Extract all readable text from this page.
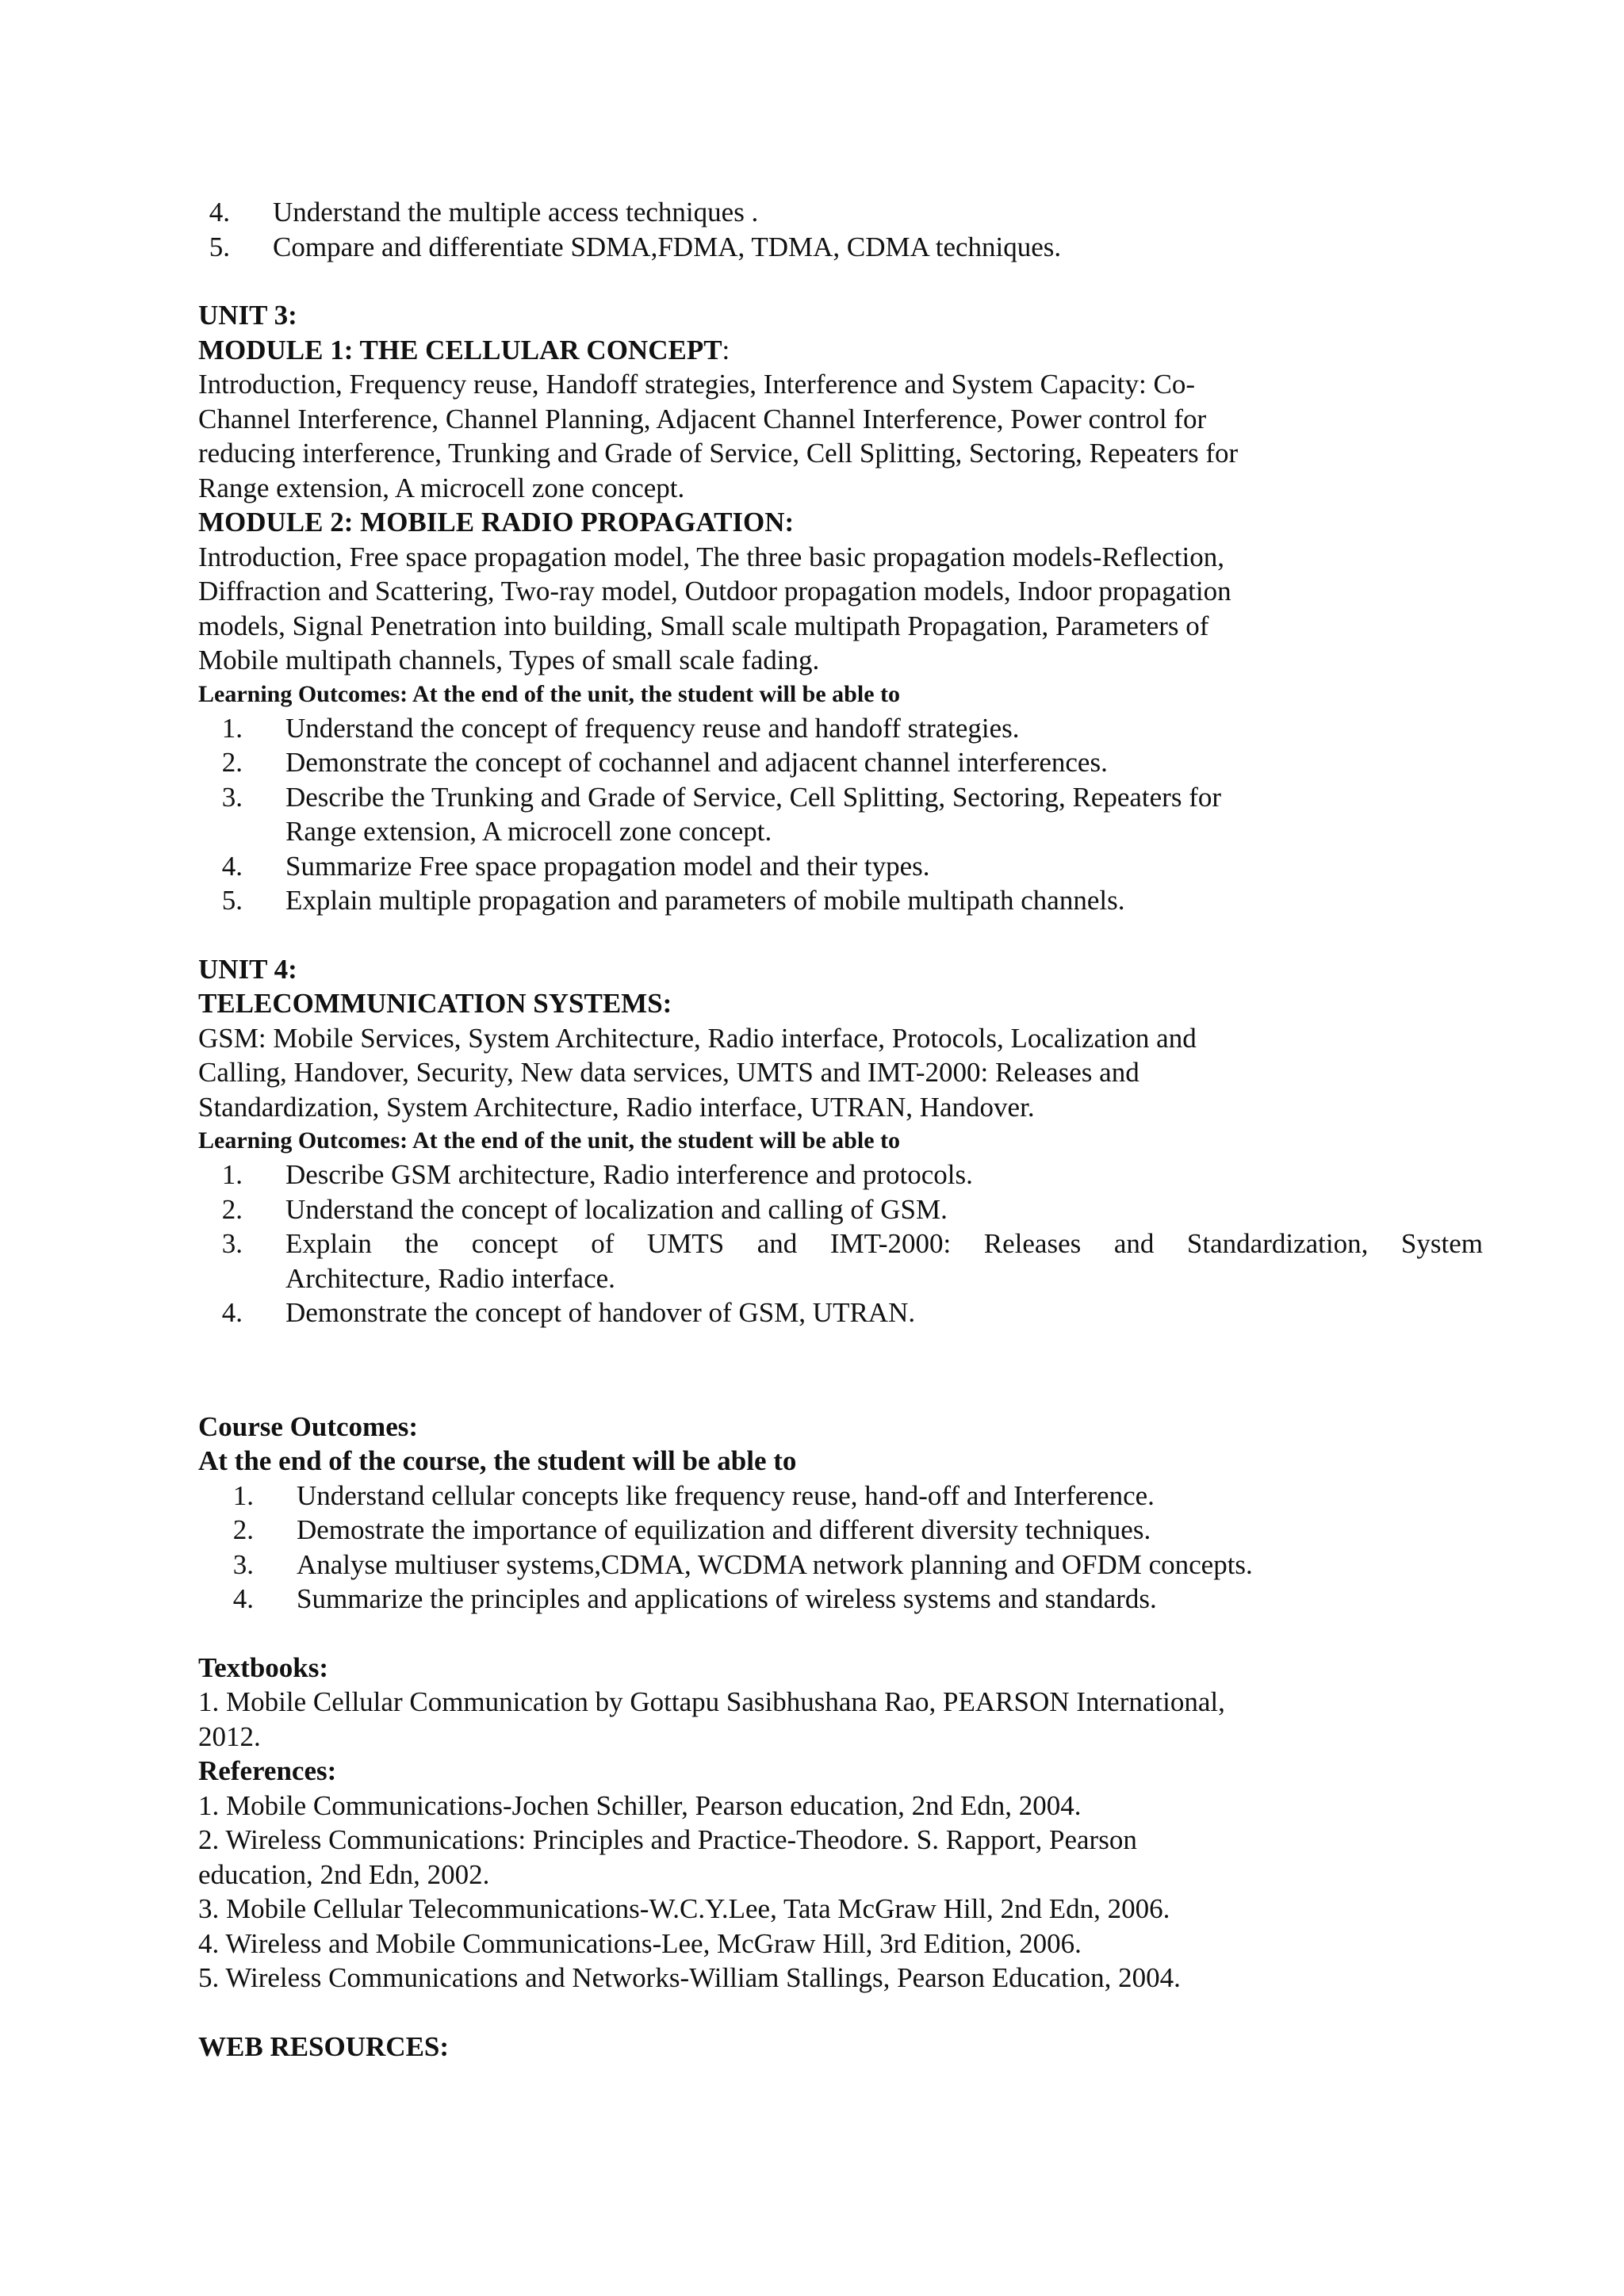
4. Understand the multiple access techniques .
5. Compare and differentiate SDMA,FDMA, TDMA, CDMA techniques.

UNIT 3:

MODULE 1: THE CELLULAR CONCEPT:

Introduction, Frequency reuse, Handoff strategies, Interference and System Capacity: Co-

Channel Interference, Channel Planning, Adjacent Channel Interference, Power control for

reducing interference, Trunking and Grade of Service, Cell Splitting, Sectoring, Repeaters for

Range extension, A microcell zone concept.

MODULE 2: MOBILE RADIO PROPAGATION:

Introduction, Free space propagation model, The three basic propagation models-Reflection,

Diffraction and Scattering, Two-ray model, Outdoor propagation models, Indoor propagation

models, Signal Penetration into building, Small scale multipath Propagation, Parameters of

Mobile multipath channels, Types of small scale fading.

Learning Outcomes: At the end of the unit, the student will be able to

1. Understand the concept of frequency reuse and handoff strategies.
2. Demonstrate the concept of cochannel and adjacent channel interferences.
3. Describe the Trunking and Grade of Service, Cell Splitting, Sectoring, Repeaters for
Range extension, A microcell zone concept.
4. Summarize Free space propagation model and their types.
5. Explain multiple propagation and parameters of mobile multipath channels.

UNIT 4:

TELECOMMUNICATION SYSTEMS:

GSM: Mobile Services, System Architecture, Radio interface, Protocols, Localization and

Calling, Handover, Security, New data services, UMTS and IMT-2000: Releases and

Standardization, System Architecture, Radio interface, UTRAN, Handover.

Learning Outcomes: At the end of the unit, the student will be able to

1. Describe GSM architecture, Radio interference and protocols.
2. Understand the concept of localization and calling of GSM.
3. Explain the concept of UMTS and IMT-2000: Releases and Standardization, System
Architecture, Radio interface.
4. Demonstrate the concept of handover of GSM, UTRAN.

Course Outcomes:

At the end of the course, the student will be able to

1. Understand cellular concepts like frequency reuse, hand-off and Interference.
2. Demostrate the importance of equilization and different diversity techniques.
3. Analyse multiuser systems,CDMA, WCDMA network planning and OFDM concepts.
4. Summarize the principles and applications of wireless systems and standards.

Textbooks:

1. Mobile Cellular Communication by Gottapu Sasibhushana Rao, PEARSON International,

2012.

References:

1. Mobile Communications-Jochen Schiller, Pearson education, 2nd Edn, 2004.

2. Wireless Communications: Principles and Practice-Theodore. S. Rapport, Pearson

education, 2nd Edn, 2002.

3. Mobile Cellular Telecommunications-W.C.Y.Lee, Tata McGraw Hill, 2nd Edn, 2006.

4. Wireless and Mobile Communications-Lee, McGraw Hill, 3rd Edition, 2006.

5. Wireless Communications and Networks-William Stallings, Pearson Education, 2004.

WEB RESOURCES:
